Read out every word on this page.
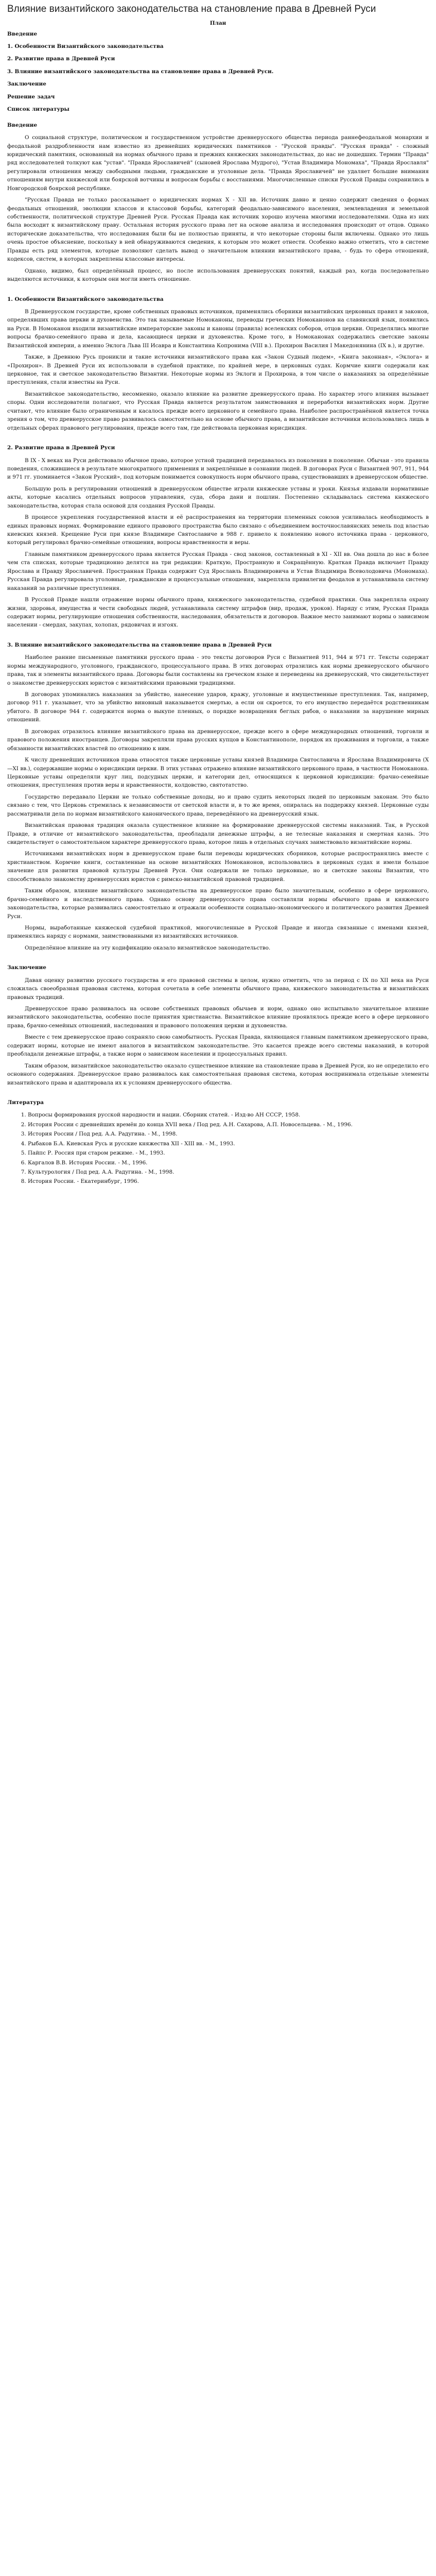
Влияние византийского законодательства на становление права в Древней Руси
План
Введение
1. Особенности Византийского законодательства
2. Развитие права в Древней Руси
3. Влияние византийского законодательства на становление права в Древней Руси.
Заключение
Решение задач
Список литературы
Введение

О социальной структуре, политическом и государственном устройстве древнерусского общества периода раннефеодальной монархии и феодальной раздробленности нам известно из древнейших юридических памятников - "Русской правды". "Русская правда" - сложный юридический памятник, основанный на нормах обычного права и прежних княжеских законодательствах, до нас не дошедших. Термин "Правда" ряд исследователей толкуют как "устав". "Правда Ярославичей" (сыновей Ярослава Мудрого), "Устав Владимира Мономаха", "Правда Ярославля" регулировали отношения между свободными людьми, гражданские и уголовные дела. "Правда Ярославичей" не удаляет большие внимания отношениям внутри княжеской или боярской вотчины и вопросам борьбы с восстаниями. Многочисленные списки Русской Правды сохранились в Новгородской боярской республике.

"Русская Правда не только рассказывает о юридических нормах X - XII вв. Источник давно и ценно содержит сведения о формах феодальных отношений, эволюции классов и классовой борьбы, категорий феодально-зависимого населения, землевладения и земельной собственности, политической структуре Древней Руси. Русская Правда как источник хорошо изучена многими исследователями. Одна из них была восходит к византийскому праву. Остальная история русского права лет на основе анализа и исследования происходит от отцов. Однако исторические доказательства, что исследования были бы не полностью приняты, и что некоторые стороны были включены. Однако это лишь очень простое объяснение, поскольку в ней обнаруживаются сведения, к которым это может отнести. Особенно важно отметить, что в системе Правды есть ряд элементов, которые позволяют сделать вывод о значительном влиянии византийского права, - будь то сфера отношений, кодексов, систем, в которых закреплены классовые интересы.

Однако, видимо, был определённый процесс, но после использования древнерусских понятий, каждый раз, когда последовательно выделяются источники, к которым они могли иметь отношение.

1. Особенности Византийского законодательства

В Древнерусском государстве, кроме собственных правовых источников, применялись сборники византийских церковных правил и законов, определявших права церкви и духовенства. Это так называемые Номоканоны, переводы греческих Номоканонов на славянский язык, появились на Руси. В Номоканон входили византийские императорские законы и каноны (правила) вселенских соборов, отцов церкви. Определялись многие вопросы брачно-семейного права и дела, касающиеся церкви и духовенства. Кроме того, в Номоканонах содержались светские законы Византийской империи, а именно Эклога Льва III Исавра и Константина Копронима (VIII в.). Прохирон Василия I Македонянина (IX в.), и другие.

Также, в Древнюю Русь проникли и такие источники византийского права как «Закон Судный людем», «Книга законная», «Эклога» и «Прохирон». В Древней Руси их использовали в судебной практике, по крайней мере, в церковных судах. Кормчие книги содержали как церковное, так и светское законодательство Византии. Некоторые нормы из Эклоги и Прохирона, в том числе о наказаниях за определённые преступления, стали известны на Руси.

Византийское законодательство, несомненно, оказало влияние на развитие древнерусского права. Но характер этого влияния вызывает споры. Одни исследователи полагают, что Русская Правда является результатом заимствования и переработки византийских норм. Другие считают, что влияние было ограниченным и касалось прежде всего церковного и семейного права. Наиболее распространённой является точка зрения о том, что древнерусское право развивалось самостоятельно на основе обычного права, а византийские источники использовались лишь в отдельных сферах правового регулирования, прежде всего там, где действовала церковная юрисдикция.

2. Развитие права в Древней Руси

В IX - X веках на Руси действовало обычное право, которое устной традицией передавалось из поколения в поколение. Обычаи - это правила поведения, сложившиеся в результате многократного применения и закреплённые в сознании людей. В договорах Руси с Византией 907, 911, 944 и 971 гг. упоминается «Закон Русский», под которым понимается совокупность норм обычного права, существовавших в древнерусском обществе.

Большую роль в регулировании отношений в древнерусском обществе играли княжеские уставы и уроки. Князья издавали нормативные акты, которые касались отдельных вопросов управления, суда, сбора дани и пошлин. Постепенно складывалась система княжеского законодательства, которая стала основой для создания Русской Правды.

В процессе укрепления государственной власти и её распространения на территории племенных союзов усиливалась необходимость в единых правовых нормах. Формирование единого правового пространства было связано с объединением восточнославянских земель под властью киевских князей. Крещение Руси при князе Владимире Святославиче в 988 г. привело к появлению нового источника права - церковного, который регулировал брачно-семейные отношения, вопросы нравственности и веры.

Главным памятником древнерусского права является Русская Правда - свод законов, составленный в XI - XII вв. Она дошла до нас в более чем ста списках, которые традиционно делятся на три редакции: Краткую, Пространную и Сокращённую. Краткая Правда включает Правду Ярослава и Правду Ярославичей. Пространная Правда содержит Суд Ярославль Владимировича и Устав Владимира Всеволодовича (Мономаха). Русская Правда регулировала уголовные, гражданские и процессуальные отношения, закрепляла привилегии феодалов и устанавливала систему наказаний за различные преступления.

В Русской Правде нашли отражение нормы обычного права, княжеского законодательства, судебной практики. Она закрепляла охрану жизни, здоровья, имущества и чести свободных людей, устанавливала систему штрафов (вир, продаж, уроков). Наряду с этим, Русская Правда содержит нормы, регулирующие отношения собственности, наследования, обязательств и договоров. Важное место занимают нормы о зависимом населении - смердах, закупах, холопах, рядовичах и изгоях.

3. Влияние византийского законодательства на становление права в Древней Руси

Наиболее ранние письменные памятники русского права - это тексты договоров Руси с Византией 911, 944 и 971 гг. Тексты содержат нормы международного, уголовного, гражданского, процессуального права. В этих договорах отразились как нормы древнерусского обычного права, так и элементы византийского права. Договоры были составлены на греческом языке и переведены на древнерусский, что свидетельствует о знакомстве древнерусских юристов с византийскими правовыми традициями.

В договорах упоминались наказания за убийство, нанесение ударов, кражу, уголовные и имущественные преступления. Так, например, договор 911 г. указывает, что за убийство виновный наказывается смертью, а если он скроется, то его имущество передаётся родственникам убитого. В договоре 944 г. содержится норма о выкупе пленных, о порядке возвращения беглых рабов, о наказании за нарушение мирных отношений.

В договорах отразилось влияние византийского права на древнерусское, прежде всего в сфере международных отношений, торговли и правового положения иностранцев. Договоры закрепляли права русских купцов в Константинополе, порядок их проживания и торговли, а также обязанности византийских властей по отношению к ним.

К числу древнейших источников права относятся также церковные уставы князей Владимира Святославича и Ярослава Владимировича (X—XI вв.), содержавшие нормы о юрисдикции церкви. В этих уставах отражено влияние византийского церковного права, в частности Номоканона. Церковные уставы определяли круг лиц, подсудных церкви, и категории дел, относящихся к церковной юрисдикции: брачно-семейные отношения, преступления против веры и нравственности, колдовство, святотатство.

Государство передавало Церкви не только собственные доходы, но и право судить некоторых людей по церковным законам. Это было связано с тем, что Церковь стремилась к независимости от светской власти и, в то же время, опиралась на поддержку князей. Церковные суды рассматривали дела по нормам византийского канонического права, переведённого на древнерусский язык.

Византийская правовая традиция оказала существенное влияние на формирование древнерусской системы наказаний. Так, в Русской Правде, в отличие от византийского законодательства, преобладали денежные штрафы, а не телесные наказания и смертная казнь. Это свидетельствует о самостоятельном характере древнерусского права, которое лишь в отдельных случаях заимствовало византийские нормы.

Источниками византийских норм в древнерусском праве были переводы юридических сборников, которые распространялись вместе с христианством. Кормчие книги, составленные на основе византийских Номоканонов, использовались в церковных судах и имели большое значение для развития правовой культуры Древней Руси. Они содержали не только церковные, но и светские законы Византии, что способствовало знакомству древнерусских юристов с римско-византийской правовой традицией.

Таким образом, влияние византийского законодательства на древнерусское право было значительным, особенно в сфере церковного, брачно-семейного и наследственного права. Однако основу древнерусского права составляли нормы обычного права и княжеского законодательства, которые развивались самостоятельно и отражали особенности социально-экономического и политического развития Древней Руси.

Нормы, выработанные княжеской судебной практикой, многочисленные в Русской Правде и иногда связанные с именами князей, применялись наряду с нормами, заимствованными из византийских источников.

Определённое влияние на эту кодификацию оказало византийское законодательство.

Заключение

Давая оценку развитию русского государства и его правовой системы в целом, нужно отметить, что за период с IX по XII века на Руси сложилась своеобразная правовая система, которая сочетала в себе элементы обычного права, княжеского законодательства и византийских правовых традиций.

Древнерусское право развивалось на основе собственных правовых обычаев и норм, однако оно испытывало значительное влияние византийского законодательства, особенно после принятия христианства. Византийское влияние проявлялось прежде всего в сфере церковного права, брачно-семейных отношений, наследования и правового положения церкви и духовенства.

Вместе с тем древнерусское право сохраняло свою самобытность. Русская Правда, являющаяся главным памятником древнерусского права, содержит нормы, которые не имеют аналогов в византийском законодательстве. Это касается прежде всего системы наказаний, в которой преобладали денежные штрафы, а также норм о зависимом населении и процессуальных правил.

Таким образом, византийское законодательство оказало существенное влияние на становление права в Древней Руси, но не определило его основного содержания. Древнерусское право развивалось как самостоятельная правовая система, которая воспринимала отдельные элементы византийского права и адаптировала их к условиям древнерусского общества.

Литература
1. Вопросы формирования русской народности и нации. Сборник статей. - Изд-во АН СССР, 1958.
2. История России с древнейших времён до конца XVII века / Под ред. А.Н. Сахарова, А.П. Новосельцева. - М., 1996.
3. История России / Под ред. А.А. Радугина. - М., 1998.
4. Рыбаков Б.А. Киевская Русь и русские княжества XII - XIII вв. - М., 1993.
5. Пайпс Р. Россия при старом режиме. - М., 1993.
6. Каргалов В.В. История России. - М., 1996.
7. Культурология / Под ред. А.А. Радугина. - М., 1998.
8. История России. - Екатеринбург, 1996.
